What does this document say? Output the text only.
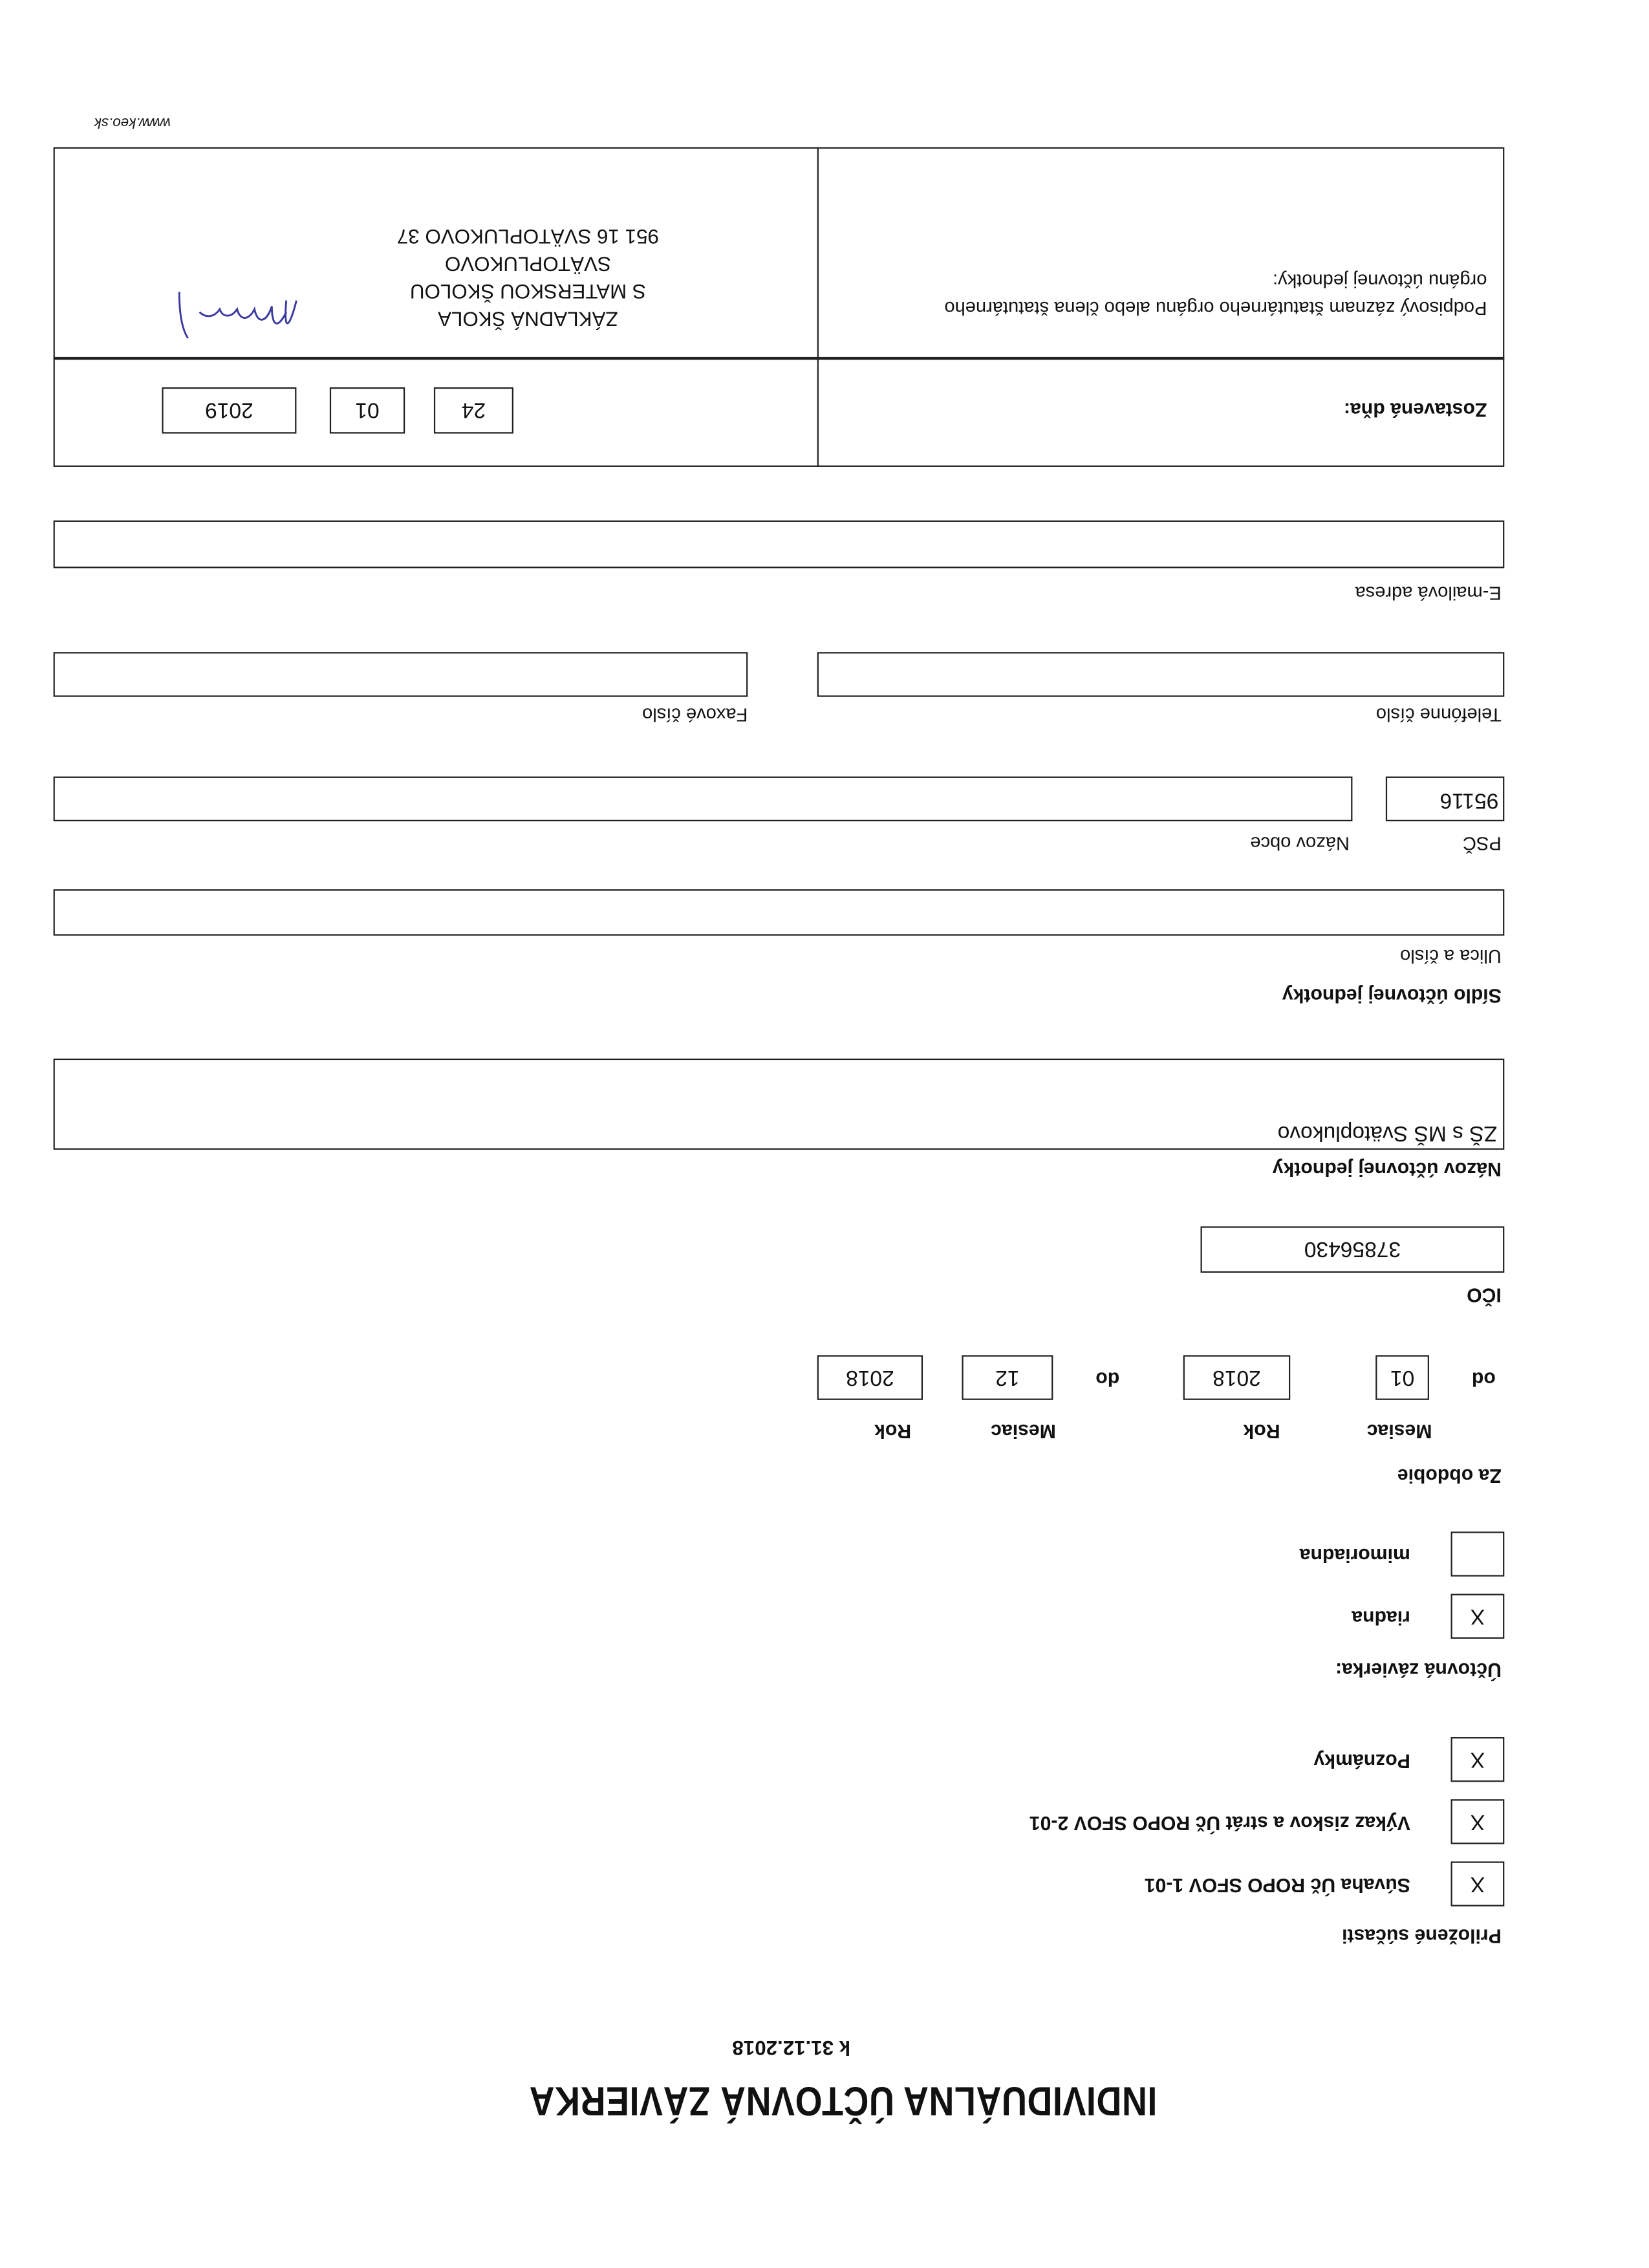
INDIVIDUÁLNA ÚČTOVNÁ ZÁVIERKA
k 31.12.2018
Priložené súčasti
X
Súvaha Úč ROPO SFOV 1-01
X
Výkaz ziskov a strát Úč ROPO SFOV 2-01
X
Poznámky
Účtovná závierka:
X
riadna
mimoriadna
Za obdobie
Mesiac
Rok
Mesiac
Rok
od
01
2018
do
12
2018
IČO
37856430
Názov účtovnej jednotky
ZŠ s MŠ Svätoplukovo
Sídlo účtovnej jednotky
Ulica a číslo
PSČ
Názov obce
95116
Telefónne číslo
Faxové číslo
E-mailová adresa
Zostavená dňa:
24
01
2019
Podpisový záznam štatutárneho orgánu alebo člena štatutárneho orgánu účtovnej jednotky:
ZÁKLADNÁ ŠKOLA
S MATERSKOU ŠKOLOU
SVÄTOPLUKOVO
951 16 SVÄTOPLUKOVO 37
www.keo.sk
